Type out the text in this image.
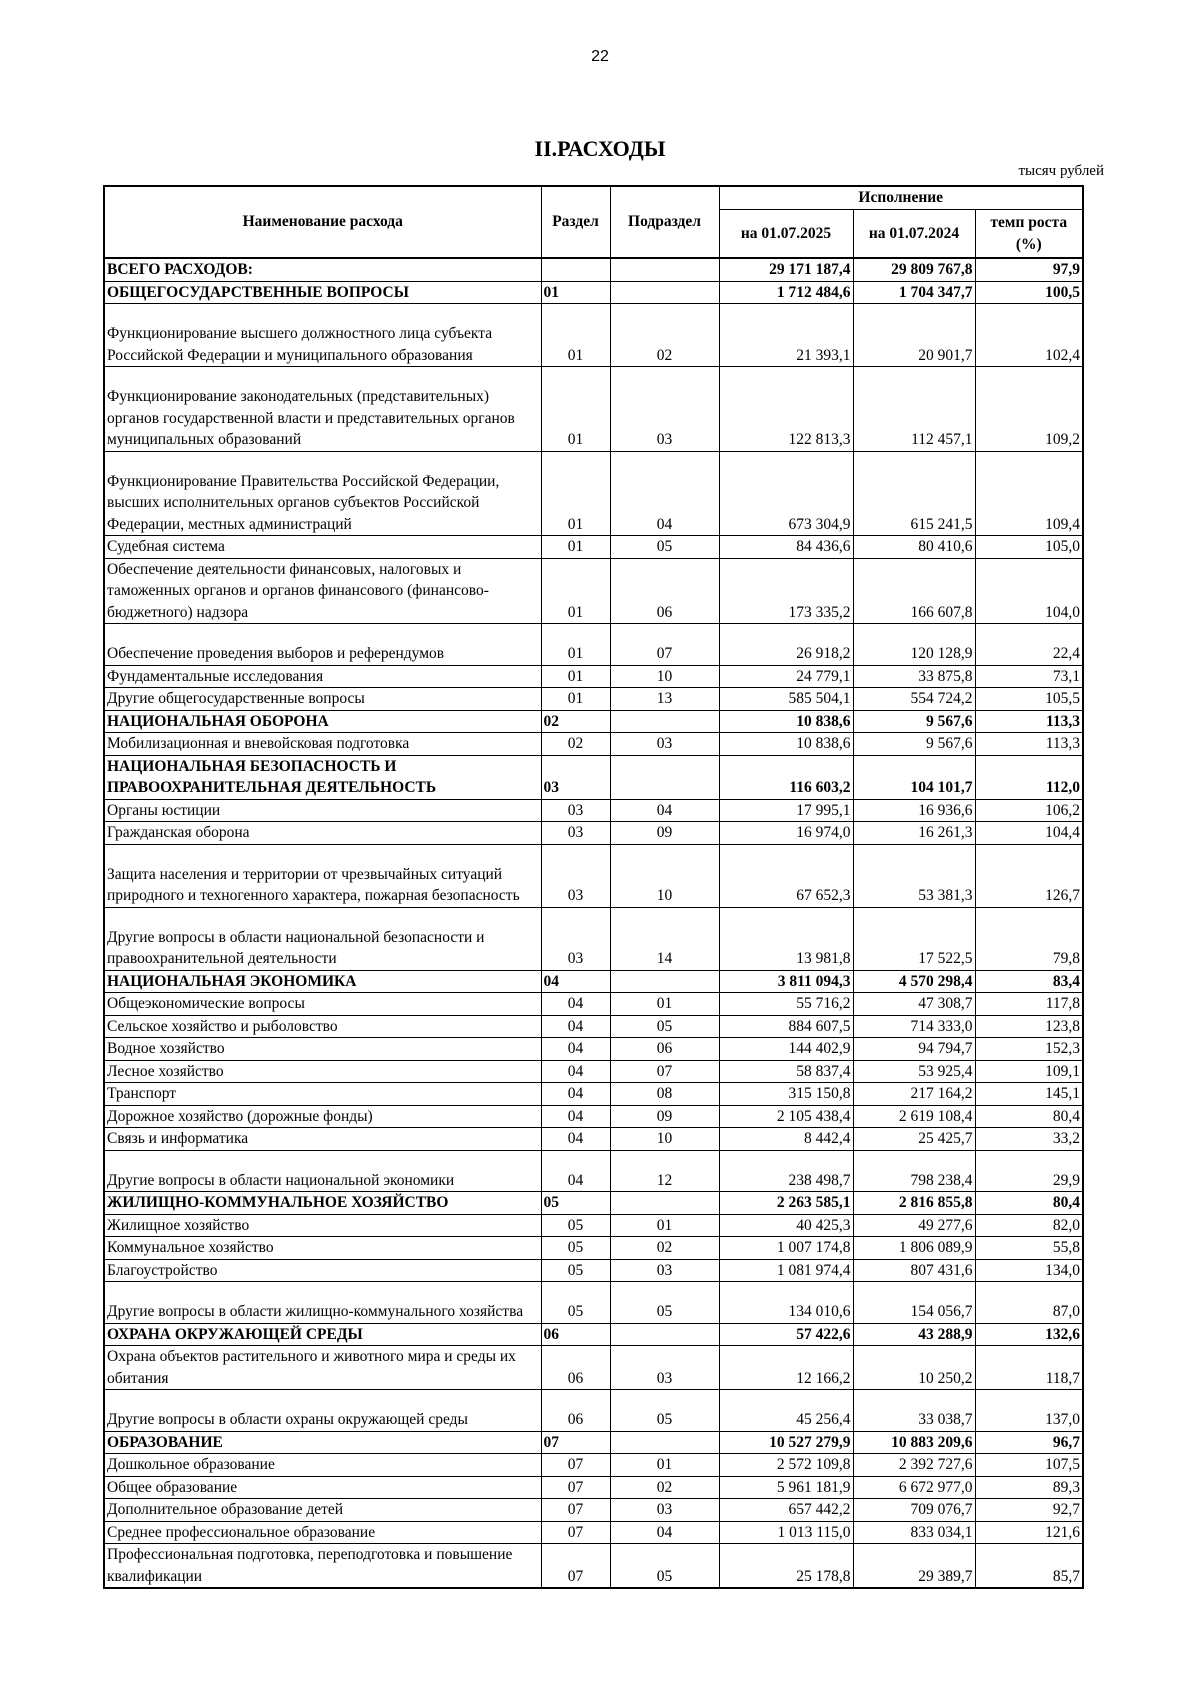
22
II.РАСХОДЫ
тысяч рублей
Наименование расхода	Раздел	Подраздел	Исполнение		
			на 01.07.2025	на 01.07.2024	темп роста (%)
ВСЕГО РАСХОДОВ:			29 171 187,4	29 809 767,8	97,9
ОБЩЕГОСУДАРСТВЕННЫЕ ВОПРОСЫ	01		1 712 484,6	1 704 347,7	100,5
Функционирование высшего должностного лица субъекта Российской Федерации и муниципального образования	01	02	21 393,1	20 901,7	102,4
Функционирование законодательных (представительных) органов государственной власти и представительных органов муниципальных образований	01	03	122 813,3	112 457,1	109,2
Функционирование Правительства Российской Федерации, высших исполнительных органов субъектов Российской Федерации, местных администраций	01	04	673 304,9	615 241,5	109,4
Судебная система	01	05	84 436,6	80 410,6	105,0
Обеспечение деятельности финансовых, налоговых и таможенных органов и органов финансового (финансово-бюджетного) надзора	01	06	173 335,2	166 607,8	104,0
Обеспечение проведения выборов и референдумов	01	07	26 918,2	120 128,9	22,4
Фундаментальные исследования	01	10	24 779,1	33 875,8	73,1
Другие общегосударственные вопросы	01	13	585 504,1	554 724,2	105,5
НАЦИОНАЛЬНАЯ ОБОРОНА	02		10 838,6	9 567,6	113,3
Мобилизационная и вневойсковая подготовка	02	03	10 838,6	9 567,6	113,3
НАЦИОНАЛЬНАЯ БЕЗОПАСНОСТЬ И ПРАВООХРАНИТЕЛЬНАЯ ДЕЯТЕЛЬНОСТЬ	03		116 603,2	104 101,7	112,0
Органы юстиции	03	04	17 995,1	16 936,6	106,2
Гражданская оборона	03	09	16 974,0	16 261,3	104,4
Защита населения и территории от чрезвычайных ситуаций природного и техногенного характера, пожарная безопасность	03	10	67 652,3	53 381,3	126,7
Другие вопросы в области национальной безопасности и правоохранительной деятельности	03	14	13 981,8	17 522,5	79,8
НАЦИОНАЛЬНАЯ ЭКОНОМИКА	04		3 811 094,3	4 570 298,4	83,4
Общеэкономические вопросы	04	01	55 716,2	47 308,7	117,8
Сельское хозяйство и рыболовство	04	05	884 607,5	714 333,0	123,8
Водное хозяйство	04	06	144 402,9	94 794,7	152,3
Лесное хозяйство	04	07	58 837,4	53 925,4	109,1
Транспорт	04	08	315 150,8	217 164,2	145,1
Дорожное хозяйство (дорожные фонды)	04	09	2 105 438,4	2 619 108,4	80,4
Связь и информатика	04	10	8 442,4	25 425,7	33,2
Другие вопросы в области национальной экономики	04	12	238 498,7	798 238,4	29,9
ЖИЛИЩНО-КОММУНАЛЬНОЕ ХОЗЯЙСТВО	05		2 263 585,1	2 816 855,8	80,4
Жилищное хозяйство	05	01	40 425,3	49 277,6	82,0
Коммунальное хозяйство	05	02	1 007 174,8	1 806 089,9	55,8
Благоустройство	05	03	1 081 974,4	807 431,6	134,0
Другие вопросы в области жилищно-коммунального хозяйства	05	05	134 010,6	154 056,7	87,0
ОХРАНА ОКРУЖАЮЩЕЙ СРЕДЫ	06		57 422,6	43 288,9	132,6
Охрана объектов растительного и животного мира и среды их обитания	06	03	12 166,2	10 250,2	118,7
Другие вопросы в области охраны окружающей среды	06	05	45 256,4	33 038,7	137,0
ОБРАЗОВАНИЕ	07		10 527 279,9	10 883 209,6	96,7
Дошкольное образование	07	01	2 572 109,8	2 392 727,6	107,5
Общее образование	07	02	5 961 181,9	6 672 977,0	89,3
Дополнительное образование детей	07	03	657 442,2	709 076,7	92,7
Среднее профессиональное образование	07	04	1 013 115,0	833 034,1	121,6
Профессиональная подготовка, переподготовка и повышение квалификации	07	05	25 178,8	29 389,7	85,7
